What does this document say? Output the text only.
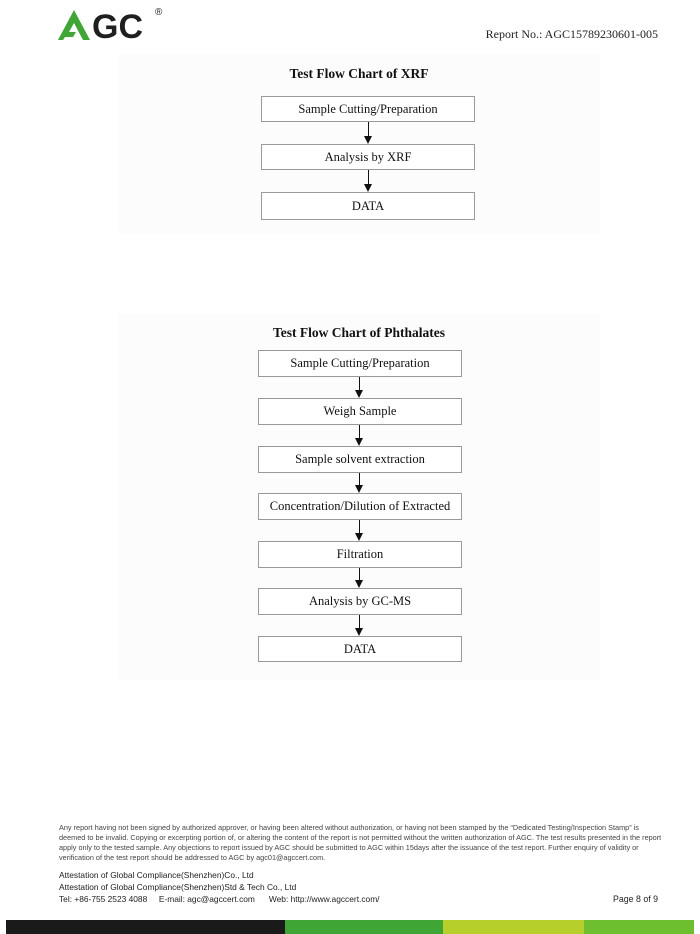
GC ®
Report No.: AGC15789230601-005
Test Flow Chart of XRF
Sample Cutting/Preparation
Analysis by XRF
DATA
Test Flow Chart of Phthalates
Sample Cutting/Preparation
Weigh Sample
Sample solvent extraction
Concentration/Dilution of Extracted
Filtration
Analysis by GC-MS
DATA
Any report having not been signed by authorized approver, or having been altered without authorization, or having not been stamped by the “Dedicated Testing/Inspection Stamp” is deemed to be invalid. Copying or excerpting portion of, or altering the content of the report is not permitted without the written authorization of AGC. The test results presented in the report apply only to the tested sample. Any objections to report issued by AGC should be submitted to AGC within 15days after the issuance of the test report. Further enquiry of validity or verification of the test report should be addressed to AGC by agc01@agccert.com.
Attestation of Global Compliance(Shenzhen)Co., Ltd
Attestation of Global Compliance(Shenzhen)Std & Tech Co., Ltd
Tel: +86-755 2523 4088 E-mail: agc@agccert.com Web: http://www.agccert.com/	Page 8 of 9
